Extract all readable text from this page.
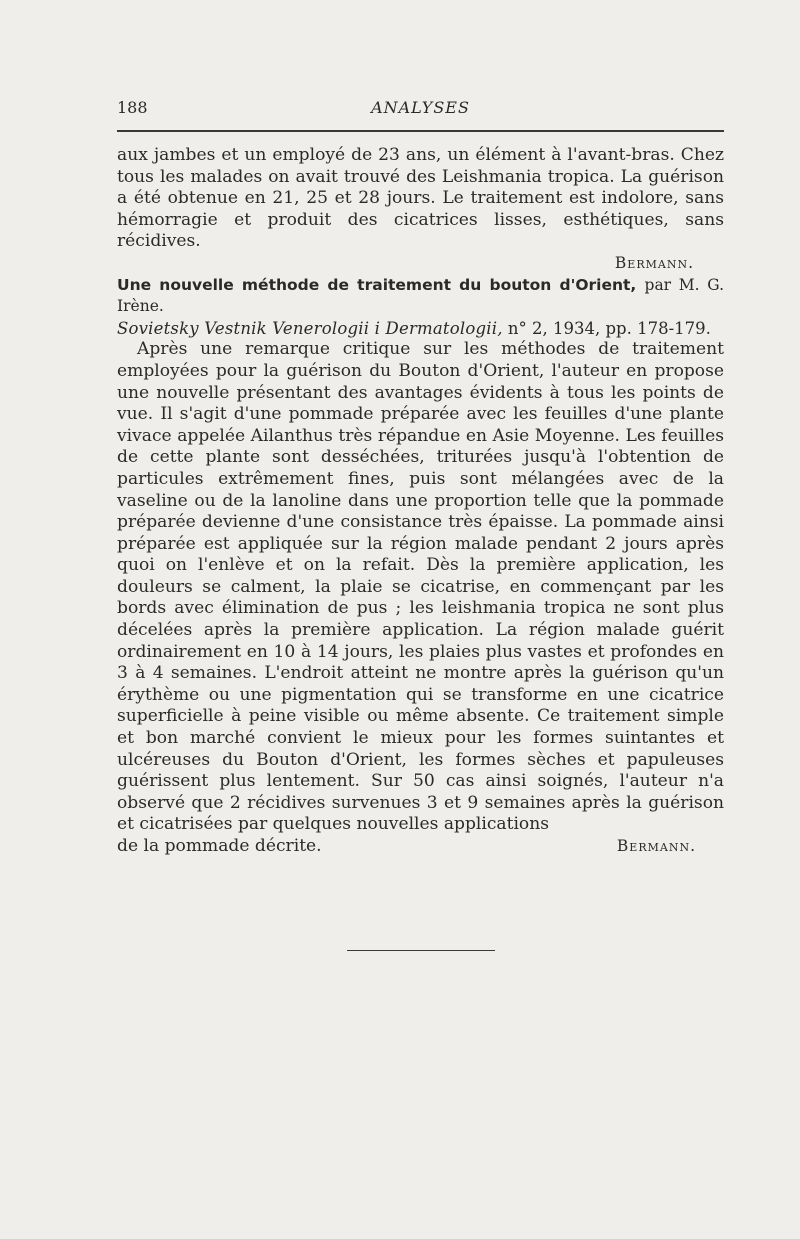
188	ANALYSES

aux jambes et un employé de 23 ans, un élément à l'avant-bras. Chez tous les malades on avait trouvé des Leishmania tropica. La guérison a été obtenue en 21, 25 et 28 jours. Le traitement est indolore, sans hémorragie et produit des cicatrices lisses, esthétiques, sans récidives.

Bermann.

Une nouvelle méthode de traitement du bouton d'Orient, par M. G. Irène.

Sovietsky Vestnik Venerologii i Dermatologii, n° 2, 1934, pp. 178-179.

Après une remarque critique sur les méthodes de traitement employées pour la guérison du Bouton d'Orient, l'auteur en propose une nouvelle présentant des avantages évidents à tous les points de vue. Il s'agit d'une pommade préparée avec les feuilles d'une plante vivace appelée Ailanthus très répandue en Asie Moyenne. Les feuilles de cette plante sont desséchées, triturées jusqu'à l'obtention de particules extrêmement fines, puis sont mélangées avec de la vaseline ou de la lanoline dans une proportion telle que la pommade préparée devienne d'une consistance très épaisse. La pommade ainsi préparée est appliquée sur la région malade pendant 2 jours après quoi on l'enlève et on la refait. Dès la première application, les douleurs se calment, la plaie se cicatrise, en commençant par les bords avec élimination de pus ; les leishmania tropica ne sont plus décelées après la première application. La région malade guérit ordinairement en 10 à 14 jours, les plaies plus vastes et profondes en 3 à 4 semaines. L'endroit atteint ne montre après la guérison qu'un érythème ou une pigmentation qui se transforme en une cicatrice superficielle à peine visible ou même absente. Ce traitement simple et bon marché convient le mieux pour les formes suintantes et ulcéreuses du Bouton d'Orient, les formes sèches et papuleuses guérissent plus lentement. Sur 50 cas ainsi soignés, l'auteur n'a observé que 2 récidives survenues 3 et 9 semaines après la guérison et cicatrisées par quelques nouvelles applications

de la pommade décrite.	Bermann.
